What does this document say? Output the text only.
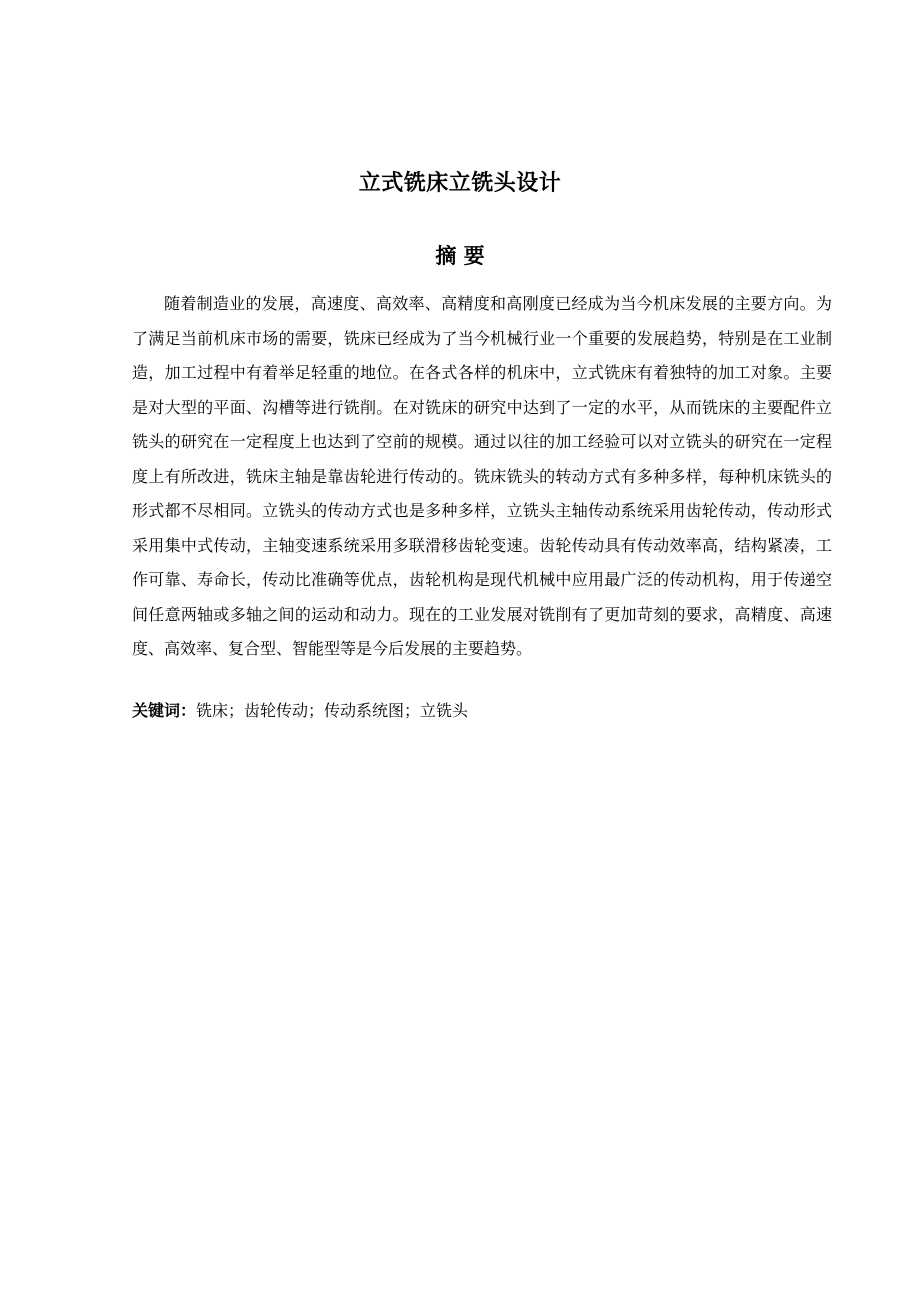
立式铣床立铣头设计
摘 要

随着制造业的发展，高速度、高效率、高精度和高刚度已经成为当今机床发展的主要方向。为了满足当前机床市场的需要，铣床已经成为了当今机械行业一个重要的发展趋势，特别是在工业制造，加工过程中有着举足轻重的地位。在各式各样的机床中，立式铣床有着独特的加工对象。主要是对大型的平面、沟槽等进行铣削。在对铣床的研究中达到了一定的水平，从而铣床的主要配件立铣头的研究在一定程度上也达到了空前的规模。通过以往的加工经验可以对立铣头的研究在一定程度上有所改进，铣床主轴是靠齿轮进行传动的。铣床铣头的转动方式有多种多样，每种机床铣头的形式都不尽相同。立铣头的传动方式也是多种多样，立铣头主轴传动系统采用齿轮传动，传动形式采用集中式传动，主轴变速系统采用多联滑移齿轮变速。齿轮传动具有传动效率高，结构紧凑，工作可靠、寿命长，传动比准确等优点，齿轮机构是现代机械中应用最广泛的传动机构，用于传递空间任意两轴或多轴之间的运动和动力。现在的工业发展对铣削有了更加苛刻的要求，高精度、高速度、高效率、复合型、智能型等是今后发展的主要趋势。

关键词：铣床；齿轮传动；传动系统图；立铣头
